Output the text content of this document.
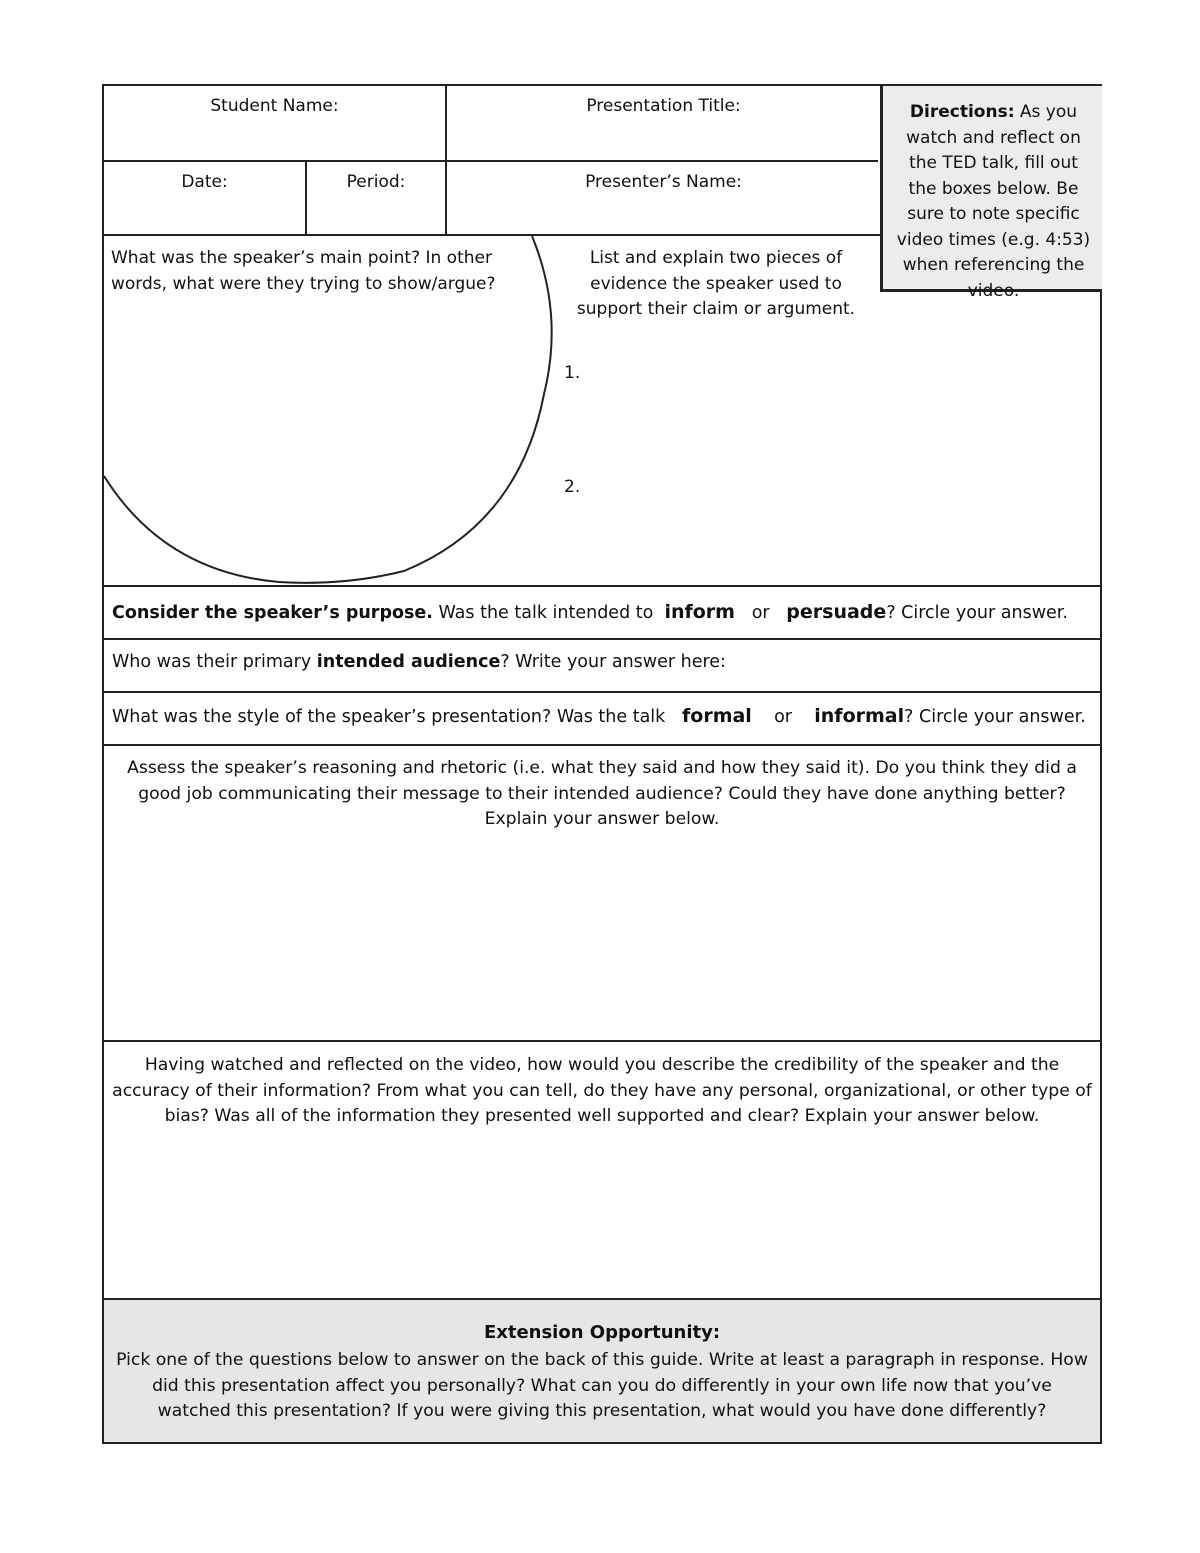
Student Name:	Presentation Title:
Date:	Period:	Presenter’s Name:
Directions: As you watch and reflect on the TED talk, fill out the boxes below. Be sure to note specific video times (e.g. 4:53) when referencing the video.
What was the speaker’s main point? In other words, what were they trying to show/argue?
List and explain two pieces of evidence the speaker used to support their claim or argument.
1.
2.
Consider the speaker’s purpose. Was the talk intended to inform or persuade? Circle your answer.
Who was their primary intended audience? Write your answer here:
What was the style of the speaker’s presentation? Was the talk formal or informal? Circle your answer.
Assess the speaker’s reasoning and rhetoric (i.e. what they said and how they said it). Do you think they did a good job communicating their message to their intended audience? Could they have done anything better? Explain your answer below.
Having watched and reflected on the video, how would you describe the credibility of the speaker and the accuracy of their information? From what you can tell, do they have any personal, organizational, or other type of bias? Was all of the information they presented well supported and clear? Explain your answer below.
Extension Opportunity:
Pick one of the questions below to answer on the back of this guide. Write at least a paragraph in response. How did this presentation affect you personally? What can you do differently in your own life now that you’ve watched this presentation? If you were giving this presentation, what would you have done differently?
